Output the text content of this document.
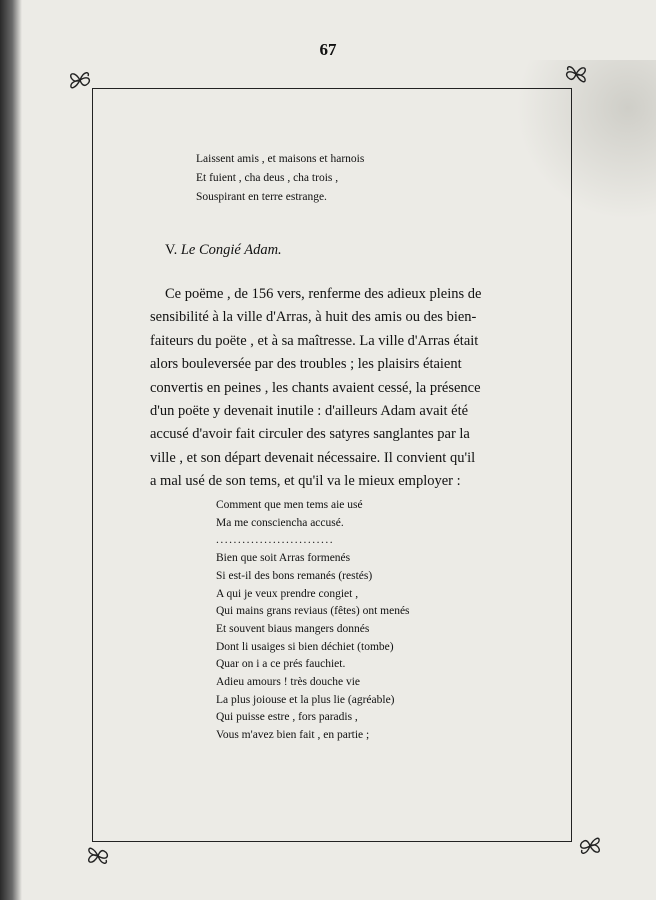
67
Laissent amis , et maisons et harnois
Et fuient , cha deus , cha trois ,
Souspirant en terre estrange.
V. Le Congié Adam.
Ce poëme , de 156 vers, renferme des adieux pleins de
sensibilité à la ville d'Arras, à huit des amis ou des bien-
faiteurs du poëte , et à sa maîtresse. La ville d'Arras était
alors bouleversée par des troubles ; les plaisirs étaient
convertis en peines , les chants avaient cessé, la présence
d'un poëte y devenait inutile : d'ailleurs Adam avait été
accusé d'avoir fait circuler des satyres sanglantes par la
ville , et son départ devenait nécessaire. Il convient qu'il
a mal usé de son tems, et qu'il va le mieux employer :
Comment que men tems aie usé
Ma me consciencha accusé.
...........................
Bien que soit Arras formenés
Si est-il des bons remanés (restés)
A qui je veux prendre congiet ,
Qui mains grans reviaus (fêtes) ont menés
Et souvent biaus mangers donnés
Dont li usaiges si bien déchiet (tombe)
Quar on i a ce prés fauchiet.
Adieu amours ! très douche vie
La plus joiouse et la plus lie (agréable)
Qui puisse estre , fors paradis ,
Vous m'avez bien fait , en partie ;
